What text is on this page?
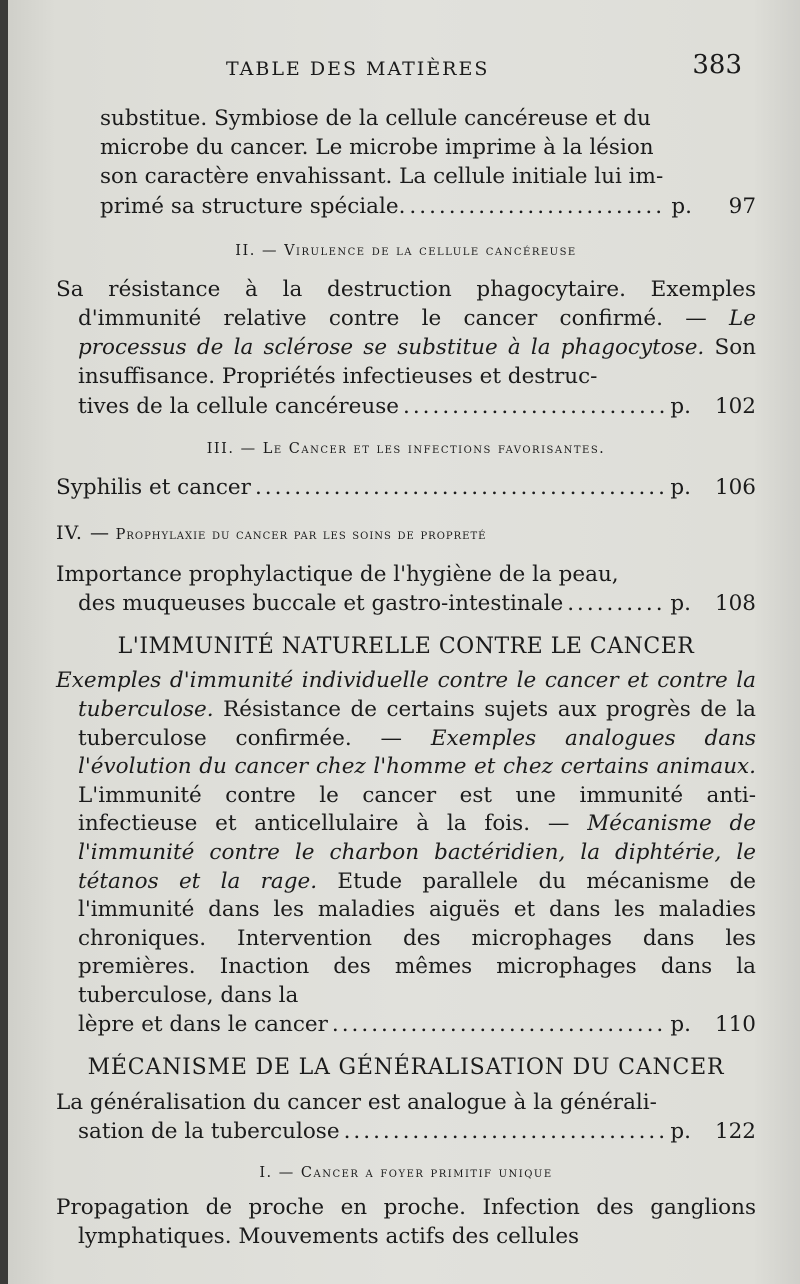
TABLE DES MATIÈRES	383
substitue. Symbiose de la cellule cancéreuse et du
microbe du cancer. Le microbe imprime à la lésion
son caractère envahissant. La cellule initiale lui im-
primé sa structure spéciale. .....	p.	97
II. — Virulence de la cellule cancéreuse
Sa résistance à la destruction phagocytaire. Exemples d'immunité relative contre le cancer confirmé. — Le processus de la sclérose se substitue à la phagocytose. Son insuffisance. Propriétés infectieuses et destruc-
tives de la cellule cancéreuse .....	p. 102
III. — Le Cancer et les infections favorisantes.
Syphilis et cancer .....	p. 106
IV. — Prophylaxie du cancer par les soins de propreté
Importance prophylactique de l'hygiène de la peau,
des muqueuses buccale et gastro-intestinale .....	p. 108
L'IMMUNITÉ NATURELLE CONTRE LE CANCER
Exemples d'immunité individuelle contre le cancer et contre la tuberculose. Résistance de certains sujets aux progrès de la tuberculose confirmée. — Exemples analogues dans l'évolution du cancer chez l'homme et chez certains animaux. L'immunité contre le cancer est une immunité anti-infectieuse et anticellulaire à la fois. — Mécanisme de l'immunité contre le charbon bactéridien, la diphtérie, le tétanos et la rage. Etude parallele du mécanisme de l'immunité dans les maladies aiguës et dans les maladies chroniques. Intervention des microphages dans les premières. Inaction des mêmes microphages dans la tuberculose, dans la
lèpre et dans le cancer .....	p. 110
MÉCANISME DE LA GÉNÉRALISATION DU CANCER
La généralisation du cancer est analogue à la générali-
sation de la tuberculose .....	p. 122
I. — Cancer a foyer primitif unique
Propagation de proche en proche. Infection des ganglions lymphatiques. Mouvements actifs des cellules
